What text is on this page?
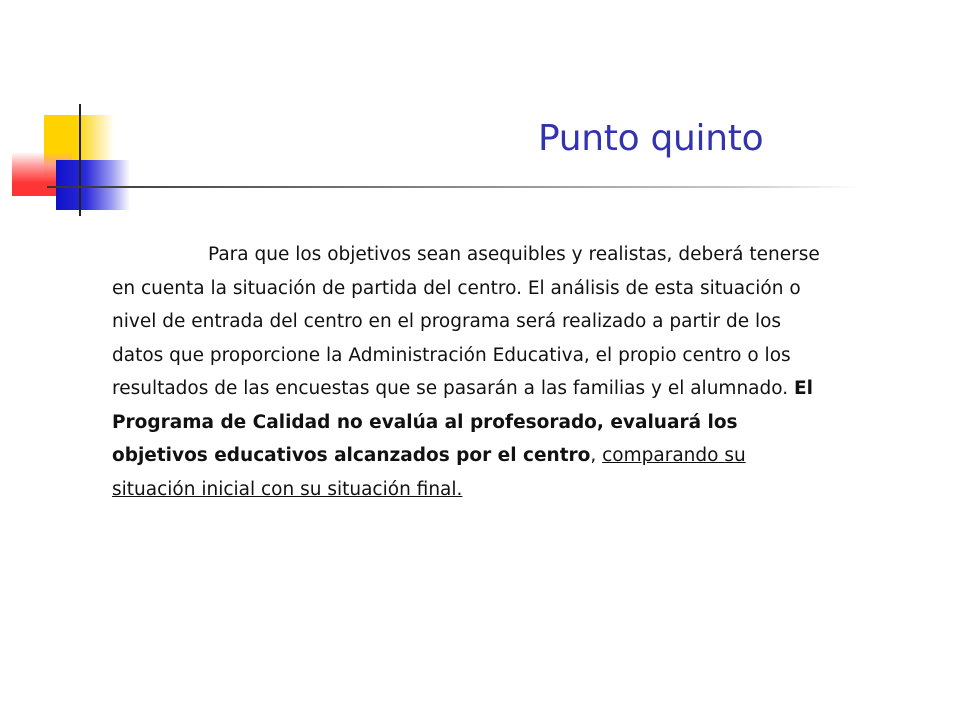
Punto quinto

Para que los objetivos sean asequibles y realistas, deberá tenerse en cuenta la situación de partida del centro. El análisis de esta situación o nivel de entrada del centro en el programa será realizado a partir de los datos que proporcione la Administración Educativa, el propio centro o los resultados de las encuestas que se pasarán a las familias y el alumnado. El Programa de Calidad no evalúa al profesorado, evaluará los objetivos educativos alcanzados por el centro, comparando su situación inicial con su situación final.
